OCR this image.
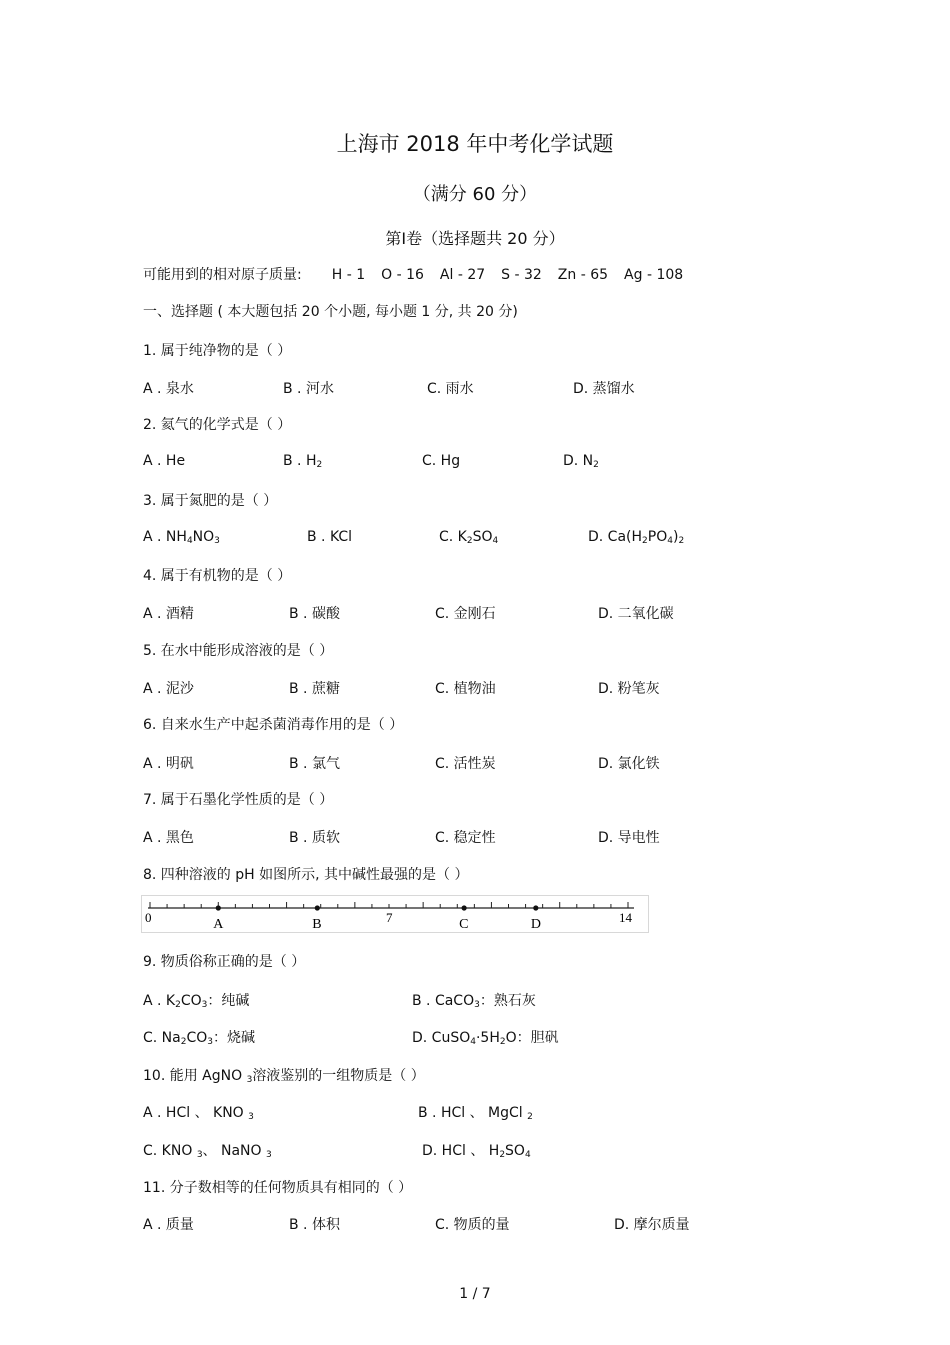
上海市 2018 年中考化学试题
（满分 60 分）
第Ⅰ卷（选择题共 20 分）
可能用到的相对原子质量: H - 1 O - 16 Al - 27 S - 32 Zn - 65 Ag - 108
一、选择题 ( 本大题包括 20 个小题, 每小题 1 分, 共 20 分)
1. 属于纯净物的是（ ）
A . 泉水	B . 河水	C. 雨水	D. 蒸馏水
2. 氦气的化学式是（ ）
A . He	B . $H_2$	C. Hg	D. $N_2$
3. 属于氮肥的是（ ）
A . $NH_4NO_3$	B . KCl	C. $K_2SO_4$	D. $Ca(H_2PO_4)_2$
4. 属于有机物的是（ ）
A . 酒精	B . 碳酸	C. 金刚石	D. 二氧化碳
5. 在水中能形成溶液的是（ ）
A . 泥沙	B . 蔗糖	C. 植物油	D. 粉笔灰
6. 自来水生产中起杀菌消毒作用的是（ ）
A . 明矾	B . 氯气	C. 活性炭	D. 氯化铁
7. 属于石墨化学性质的是（ ）
A . 黑色	B . 质软	C. 稳定性	D. 导电性
8. 四种溶液的 pH 如图所示, 其中碱性最强的是（ ）
0	7	14
A	B	C	D
9. 物质俗称正确的是（ ）
A . $K_2CO_3$：纯碱	B . CaCO$_3$：熟石灰
C. $Na_2CO_3$：烧碱	D. $CuSO_4\cdot 5H_2O$：胆矾
10. 能用 AgNO $_3$溶液鉴别的一组物质是（ ）
A . HCl 、 KNO $_3$	B . HCl 、 MgCl $_2$
C. KNO $_3$、 NaNO $_3$	D. HCl 、 $H_2SO_4$
11. 分子数相等的任何物质具有相同的（ ）
A . 质量	B . 体积	C. 物质的量	D. 摩尔质量
1 / 7
